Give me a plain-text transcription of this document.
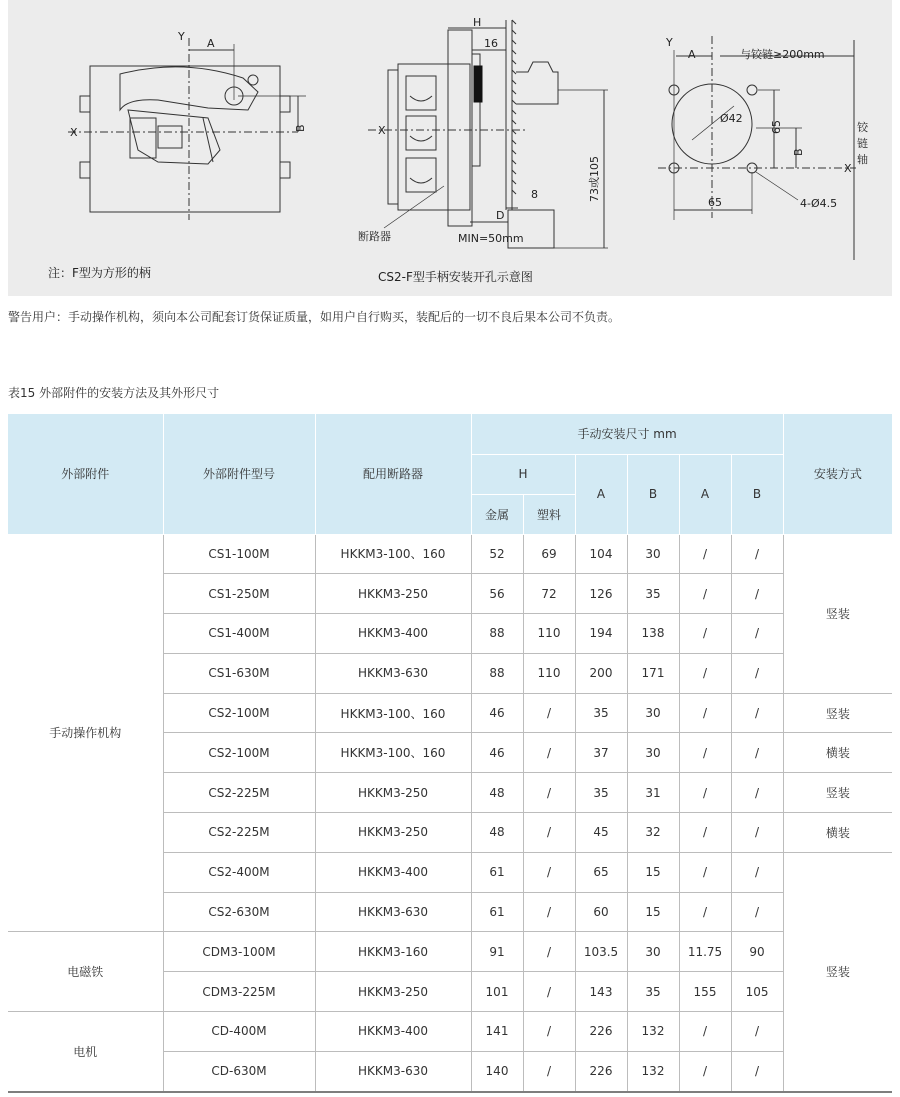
Y
A
X	B
H
16
X
8
D
MIN=50mm
断路器
73或105
Y
A	与铰链≥200mm
Ø42
65
B
X
65	4-Ø4.5
铰链轴
注：F型为方形的柄	CS2-F型手柄安装开孔示意图
警告用户：手动操作机构，须向本公司配套订货保证质量，如用户自行购买，装配后的一切不良后果本公司不负责。
表15 外部附件的安装方法及其外形尺寸
外部附件	外部附件型号	配用断路器	手动安装尺寸 mm						安装方式
			H		A	B	A	B	
			金属	塑料					
手动操作机构	CS1-100M	HKKM3-100、160	52	69	104	30	/	/	竖装
	CS1-250M	HKKM3-250	56	72	126	35	/	/	
	CS1-400M	HKKM3-400	88	110	194	138	/	/	
	CS1-630M	HKKM3-630	88	110	200	171	/	/	
	CS2-100M	HKKM3-100、160	46	/	35	30	/	/	竖装
	CS2-100M	HKKM3-100、160	46	/	37	30	/	/	横装
	CS2-225M	HKKM3-250	48	/	35	31	/	/	竖装
	CS2-225M	HKKM3-250	48	/	45	32	/	/	横装
	CS2-400M	HKKM3-400	61	/	65	15	/	/	竖装
	CS2-630M	HKKM3-630	61	/	60	15	/	/	
电磁铁	CDM3-100M	HKKM3-160	91	/	103.5	30	11.75	90	
	CDM3-225M	HKKM3-250	101	/	143	35	155	105	
电机	CD-400M	HKKM3-400	141	/	226	132	/	/	
	CD-630M	HKKM3-630	140	/	226	132	/	/	
